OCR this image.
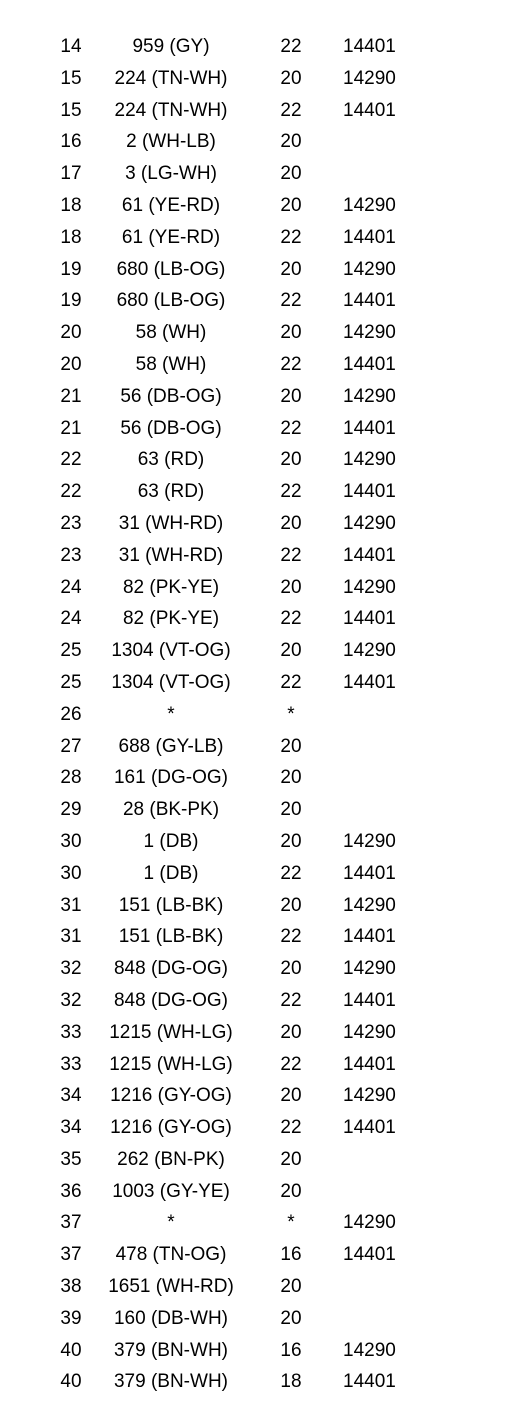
14	959 (GY)	22	14401
15	224 (TN-WH)	20	14290
15	224 (TN-WH)	22	14401
16	2 (WH-LB)	20
17	3 (LG-WH)	20
18	61 (YE-RD)	20	14290
18	61 (YE-RD)	22	14401
19	680 (LB-OG)	20	14290
19	680 (LB-OG)	22	14401
20	58 (WH)	20	14290
20	58 (WH)	22	14401
21	56 (DB-OG)	20	14290
21	56 (DB-OG)	22	14401
22	63 (RD)	20	14290
22	63 (RD)	22	14401
23	31 (WH-RD)	20	14290
23	31 (WH-RD)	22	14401
24	82 (PK-YE)	20	14290
24	82 (PK-YE)	22	14401
25	1304 (VT-OG)	20	14290
25	1304 (VT-OG)	22	14401
26	*	*
27	688 (GY-LB)	20
28	161 (DG-OG)	20
29	28 (BK-PK)	20
30	1 (DB)	20	14290
30	1 (DB)	22	14401
31	151 (LB-BK)	20	14290
31	151 (LB-BK)	22	14401
32	848 (DG-OG)	20	14290
32	848 (DG-OG)	22	14401
33	1215 (WH-LG)	20	14290
33	1215 (WH-LG)	22	14401
34	1216 (GY-OG)	20	14290
34	1216 (GY-OG)	22	14401
35	262 (BN-PK)	20
36	1003 (GY-YE)	20
37	*	*	14290
37	478 (TN-OG)	16	14401
38	1651 (WH-RD)	20
39	160 (DB-WH)	20
40	379 (BN-WH)	16	14290
40	379 (BN-WH)	18	14401
